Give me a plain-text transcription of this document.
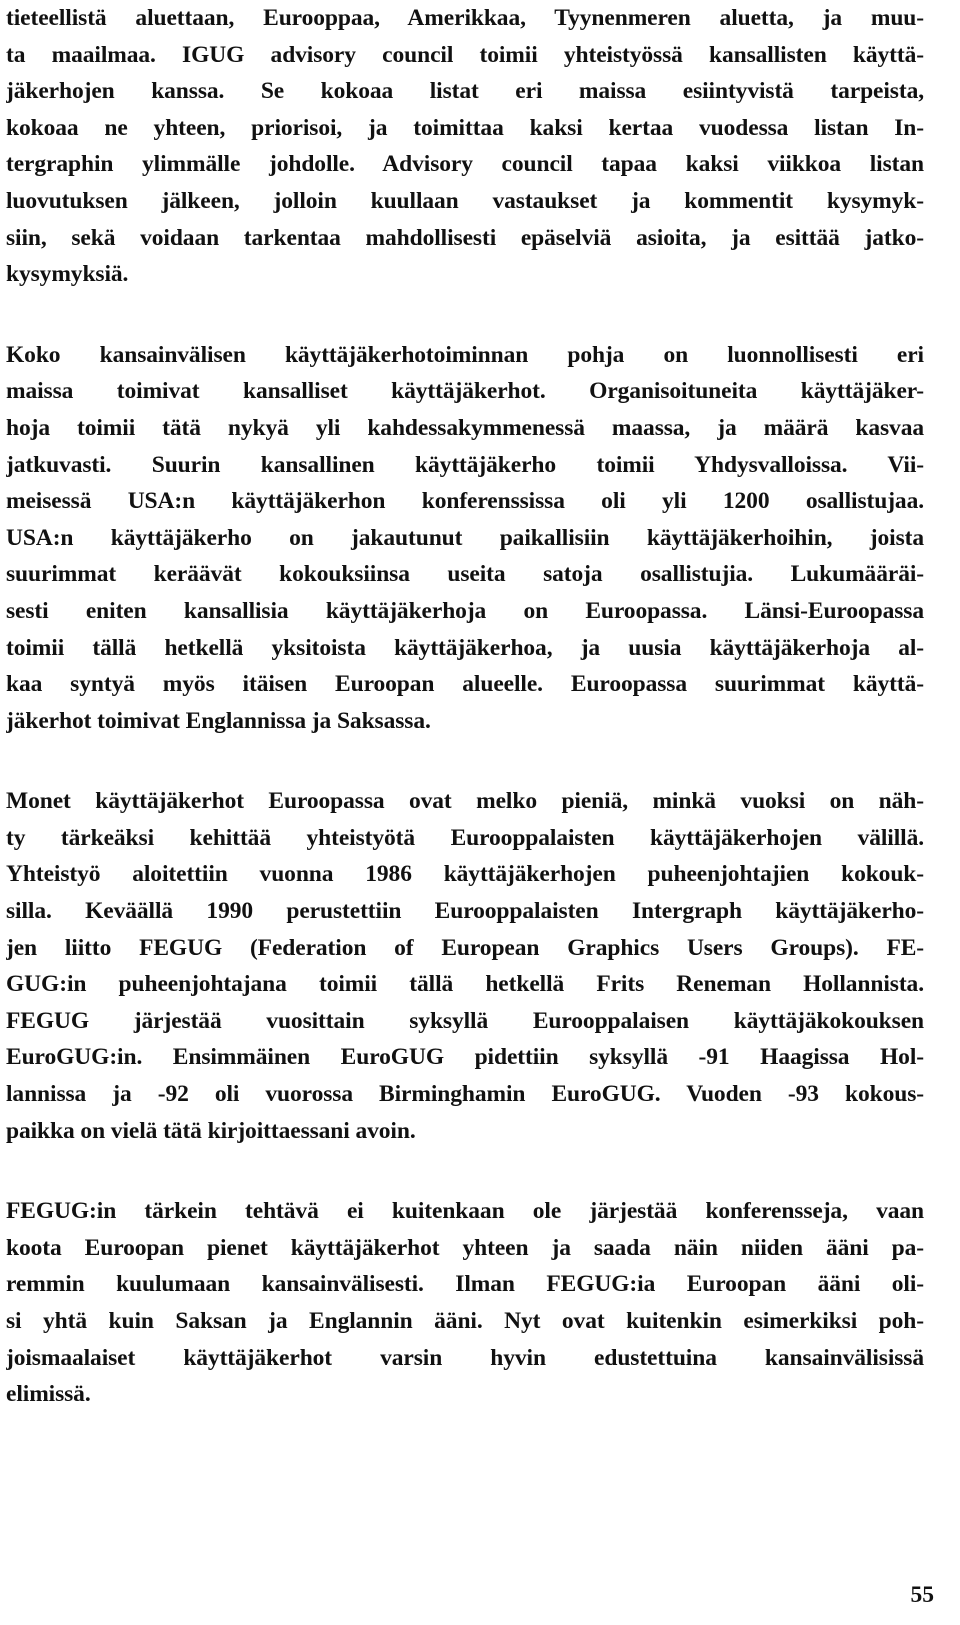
tieteellistä aluettaan, Eurooppaa, Amerikkaa, Tyynenmeren aluetta, ja muu-
ta maailmaa. IGUG advisory council toimii yhteistyössä kansallisten käyttä-
jäkerhojen kanssa. Se kokoaa listat eri maissa esiintyvistä tarpeista,
kokoaa ne yhteen, priorisoi, ja toimittaa kaksi kertaa vuodessa listan In-
tergraphin ylimmälle johdolle. Advisory council tapaa kaksi viikkoa listan
luovutuksen jälkeen, jolloin kuullaan vastaukset ja kommentit kysymyk-
siin, sekä voidaan tarkentaa mahdollisesti epäselviä asioita, ja esittää jatko-
kysymyksiä.
Koko kansainvälisen käyttäjäkerhotoiminnan pohja on luonnollisesti eri
maissa toimivat kansalliset käyttäjäkerhot. Organisoituneita käyttäjäker-
hoja toimii tätä nykyä yli kahdessakymmenessä maassa, ja määrä kasvaa
jatkuvasti. Suurin kansallinen käyttäjäkerho toimii Yhdysvalloissa. Vii-
meisessä USA:n käyttäjäkerhon konferenssissa oli yli 1200 osallistujaa.
USA:n käyttäjäkerho on jakautunut paikallisiin käyttäjäkerhoihin, joista
suurimmat keräävät kokouksiinsa useita satoja osallistujia. Lukumääräi-
sesti eniten kansallisia käyttäjäkerhoja on Euroopassa. Länsi-Euroopassa
toimii tällä hetkellä yksitoista käyttäjäkerhoa, ja uusia käyttäjäkerhoja al-
kaa syntyä myös itäisen Euroopan alueelle. Euroopassa suurimmat käyttä-
jäkerhot toimivat Englannissa ja Saksassa.
Monet käyttäjäkerhot Euroopassa ovat melko pieniä, minkä vuoksi on näh-
ty tärkeäksi kehittää yhteistyötä Eurooppalaisten käyttäjäkerhojen välillä.
Yhteistyö aloitettiin vuonna 1986 käyttäjäkerhojen puheenjohtajien kokouk-
silla. Keväällä 1990 perustettiin Eurooppalaisten Intergraph käyttäjäkerho-
jen liitto FEGUG (Federation of European Graphics Users Groups). FE-
GUG:in puheenjohtajana toimii tällä hetkellä Frits Reneman Hollannista.
FEGUG järjestää vuosittain syksyllä Eurooppalaisen käyttäjäkokouksen
EuroGUG:in. Ensimmäinen EuroGUG pidettiin syksyllä -91 Haagissa Hol-
lannissa ja -92 oli vuorossa Birminghamin EuroGUG. Vuoden -93 kokous-
paikka on vielä tätä kirjoittaessani avoin.
FEGUG:in tärkein tehtävä ei kuitenkaan ole järjestää konferensseja, vaan
koota Euroopan pienet käyttäjäkerhot yhteen ja saada näin niiden ääni pa-
remmin kuulumaan kansainvälisesti. Ilman FEGUG:ia Euroopan ääni oli-
si yhtä kuin Saksan ja Englannin ääni. Nyt ovat kuitenkin esimerkiksi poh-
joismaalaiset käyttäjäkerhot varsin hyvin edustettuina kansainvälisissä
elimissä.
55
